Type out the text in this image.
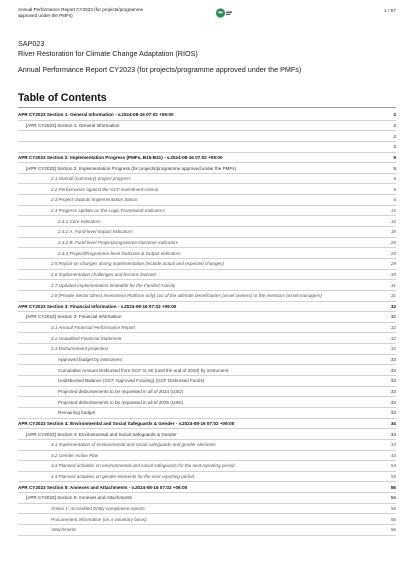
Annual Performance Report CY2023 (for projects/programme approved under the PMFs)
1 / 57
SAP023
River Restoration for Climate Change Adaptation (RIOS)
Annual Performance Report CY2023 (for projects/programme approved under the PMFs)
Table of Contents
APR CY2023 Section 1: General Information - v.2024-08-16 07:02 +09:00	2
[APR CY2023] Section 1: General Information	2
2
2
APR CY2023 Section 2: Implementation Progress (PMFs, B15-B31) - v.2024-08-16 07:02 +09:00	5
[APR CY2023] Section 2: Implementation Progress (for projects/programme approved under the PMFs)	5
2.1 Overall (summary) project progress	6
2.2 Performance against the GCF investment criteria	6
2.3 Project Outputs Implementation Status	6
2.4 Progress Update on the Logic Framework Indicators	15
2.4.1 Core Indicators	16
2.4.2 A. Fund-level Impact Indicators	18
2.4.2 B. Fund-level Project/programme Outcome Indicators	20
2.4.3 Project/Programme-level Outcome & Output Indicators	20
2.5 Report on changes during implementation (include actual and expected changes)	29
2.6 Implementation challenges and lessons learned	30
2.7 Updated implementation timetable for the Funded Activity	31
2.8 [Private Sector Direct Investment Platform only] List of the ultimate beneficiaries (asset owners) or the investors (asset managers)	31
APR CY2023 Section 3: Financial Information - v.2024-08-16 07:02 +09:00	32
[APR CY2023] Section 3: Financial Information	32
3.1 Annual Financial Performance Report	32
3.2 Unaudited Financial Statement	32
3.3 Disbursement projection	32
Approved budget by instrument	33
Cumulative Amount Disbursed from GCF to AE (until the end of 2023) by instrument	33
Undisbursed Balance (GCF Approved Funding) (GCF Disbursed Funds)	33
Projected disbursements to be requested in all of 2024 (USD)	33
Projected disbursements to be requested in all of 2025 (USD)	33
Remaining budget	33
APR CY2023 Section 4: Environmental and Social Safeguards & Gender - v.2024-08-16 07:02 +09:00	34
[APR CY2023] Section 4: Environmental and Social Safeguards & Gender	34
4.1 Implementation of environmental and social safeguards and gender elements	34
4.2 Gender Action Plan	43
4.3 Planned activities on environmental and social safeguards for the next reporting period	54
4.4 Planned activities on gender elements for the next reporting period	55
APR CY2023 Section 5: Annexes and Attachments - v.2024-08-16 07:02 +09:00	56
[APR CY2023] Section 5: Annexes and Attachments	56
Annex 1: Accredited Entity compliance reports	56
Procurement information (on a voluntary basis)	56
Attachments	56
